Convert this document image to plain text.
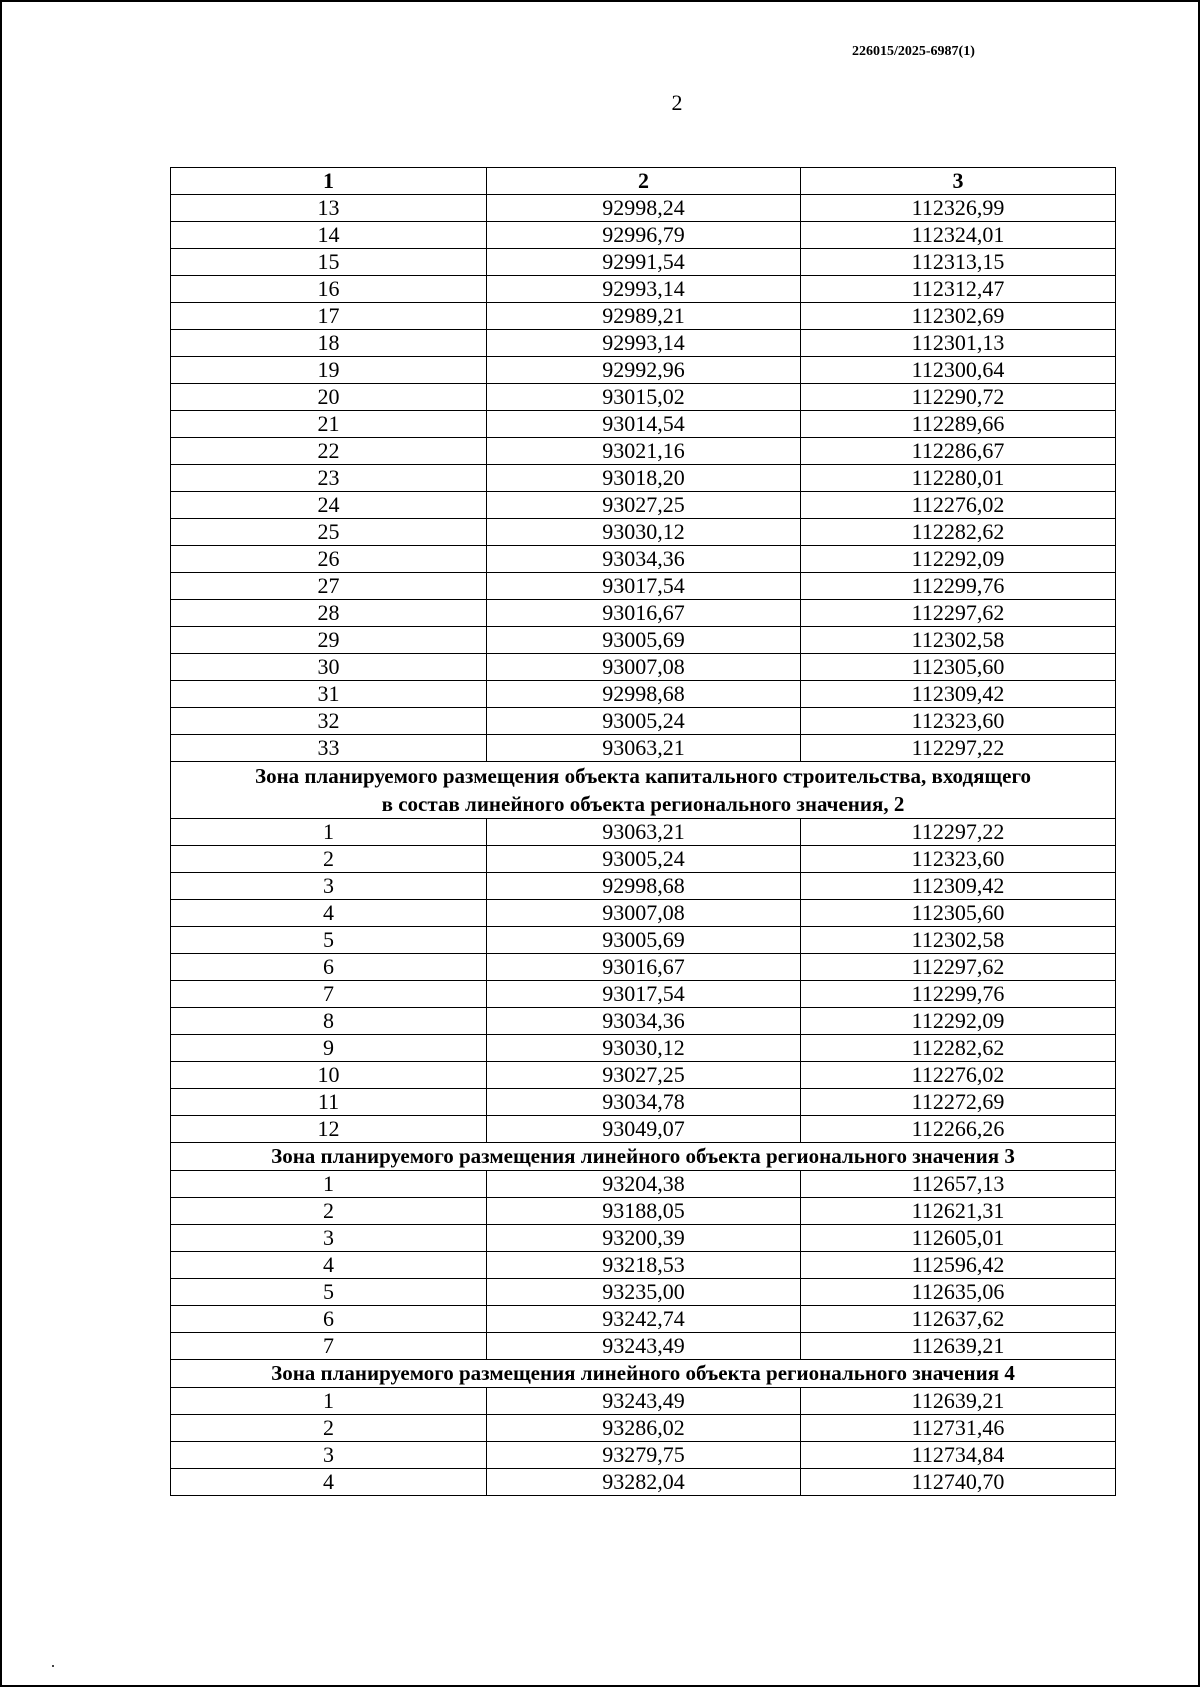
226015/2025-6987(1)
2
1	2	3
13	92998,24	112326,99
14	92996,79	112324,01
15	92991,54	112313,15
16	92993,14	112312,47
17	92989,21	112302,69
18	92993,14	112301,13
19	92992,96	112300,64
20	93015,02	112290,72
21	93014,54	112289,66
22	93021,16	112286,67
23	93018,20	112280,01
24	93027,25	112276,02
25	93030,12	112282,62
26	93034,36	112292,09
27	93017,54	112299,76
28	93016,67	112297,62
29	93005,69	112302,58
30	93007,08	112305,60
31	92998,68	112309,42
32	93005,24	112323,60
33	93063,21	112297,22

Зона планируемого размещения объекта капитального строительства, входящего
в состав линейного объекта регионального значения, 2		

1	93063,21	112297,22
2	93005,24	112323,60
3	92998,68	112309,42
4	93007,08	112305,60
5	93005,69	112302,58
6	93016,67	112297,62
7	93017,54	112299,76
8	93034,36	112292,09
9	93030,12	112282,62
10	93027,25	112276,02
11	93034,78	112272,69
12	93049,07	112266,26

Зона планируемого размещения линейного объекта регионального значения 3		

1	93204,38	112657,13
2	93188,05	112621,31
3	93200,39	112605,01
4	93218,53	112596,42
5	93235,00	112635,06
6	93242,74	112637,62
7	93243,49	112639,21

Зона планируемого размещения линейного объекта регионального значения 4		

1	93243,49	112639,21
2	93286,02	112731,46
3	93279,75	112734,84
4	93282,04	112740,70
